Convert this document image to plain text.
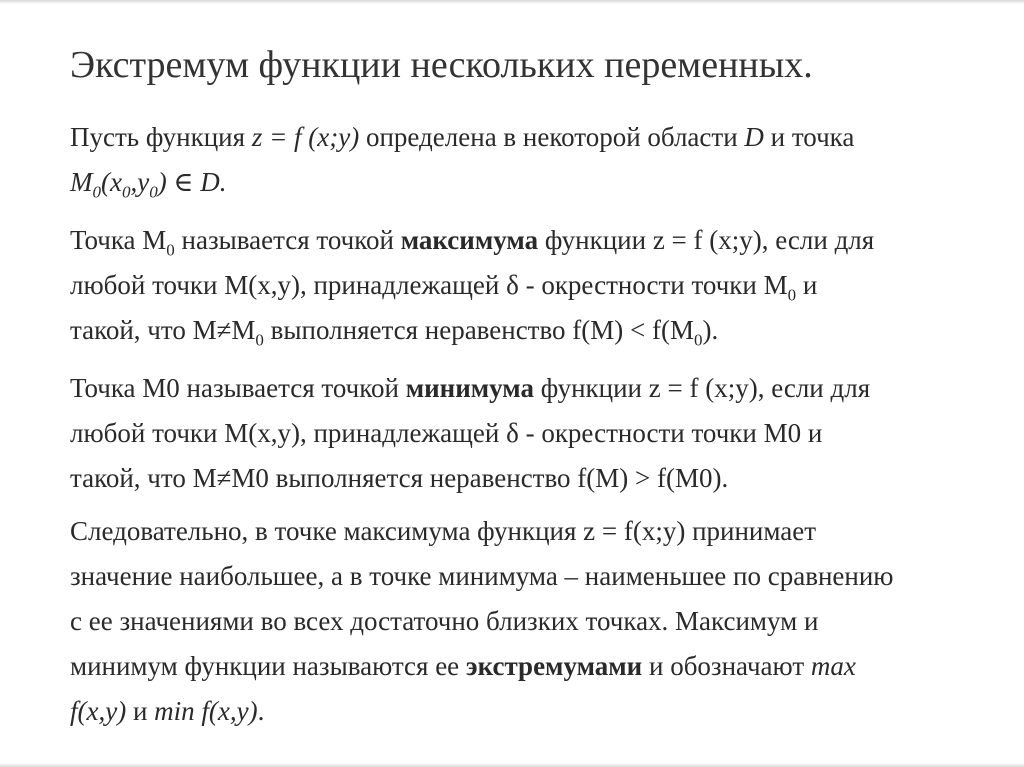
Экстремум функции нескольких переменных.

Пусть функция z = f (x;y) определена в некоторой области D и точка
$M_0(x_0,y_0)$ ∈ D.

Точка $М_0$ называется точкой максимума функции z = f (x;y), если для
любой точки M(x,y), принадлежащей δ - окрестности точки $M_0$ и
такой, что $M\ne M_0$ выполняется неравенство $f(M) < f(M_0)$.

Точка М0 называется точкой минимума функции z = f (x;y), если для
любой точки M(x,y), принадлежащей δ - окрестности точки M0 и
такой, что M≠M0 выполняется неравенство f(M) > f(M0).

Следовательно, в точке максимума функция z = f(x;y) принимает
значение наибольшее, а в точке минимума – наименьшее по сравнению
с ее значениями во всех достаточно близких точках. Максимум и
минимум функции называются ее экстремумами и обозначают max
f(x,y) и min f(x,y).
